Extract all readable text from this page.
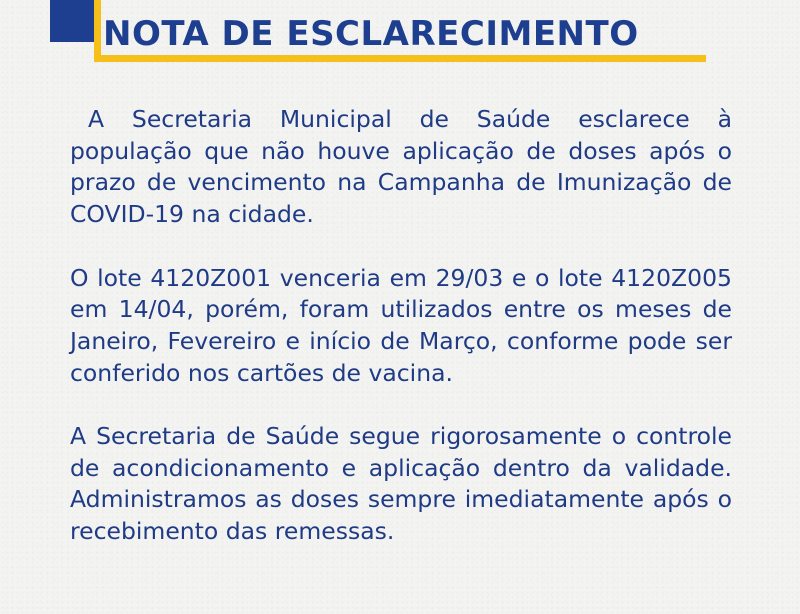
NOTA DE ESCLARECIMENTO

A Secretaria Municipal de Saúde esclarece à população que não houve aplicação de doses após o prazo de vencimento na Campanha de Imunização de COVID-19 na cidade.

O lote 4120Z001 venceria em 29/03 e o lote 4120Z005 em 14/04, porém, foram utilizados entre os meses de Janeiro, Fevereiro e início de Março, conforme pode ser conferido nos cartões de vacina.

A Secretaria de Saúde segue rigorosamente o controle de acondicionamento e aplicação dentro da validade. Administramos as doses sempre imediatamente após o recebimento das remessas.
